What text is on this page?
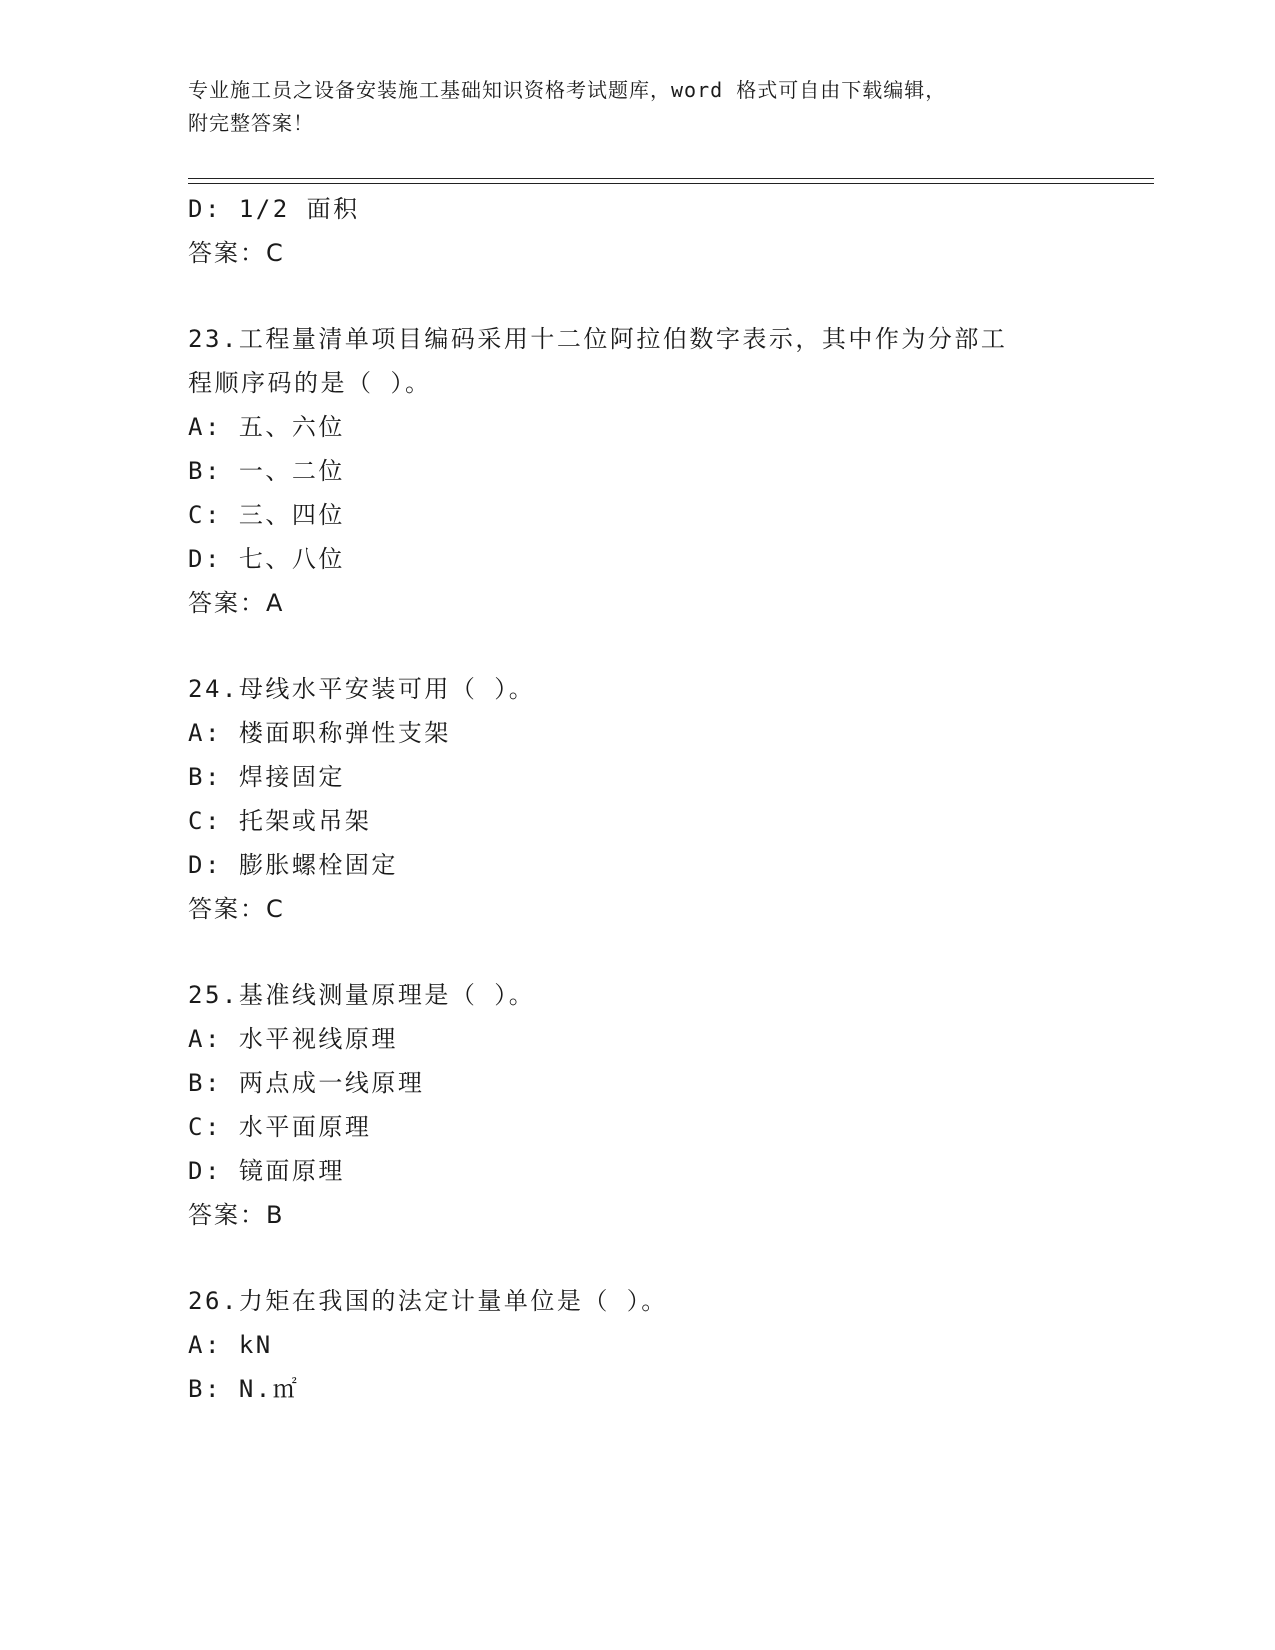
专业施工员之设备安装施工基础知识资格考试题库，word 格式可自由下载编辑，
附完整答案！
D: 1/2 面积
答案：C
23.工程量清单项目编码采用十二位阿拉伯数字表示，其中作为分部工
程顺序码的是（ ）。
A: 五、六位
B: 一、二位
C: 三、四位
D: 七、八位
答案：A
24.母线水平安装可用（ ）。
A: 楼面职称弹性支架
B: 焊接固定
C: 托架或吊架
D: 膨胀螺栓固定
答案：C
25.基准线测量原理是（ ）。
A: 水平视线原理
B: 两点成一线原理
C: 水平面原理
D: 镜面原理
答案：B
26.力矩在我国的法定计量单位是（ ）。
A: kN
B: N.㎡
